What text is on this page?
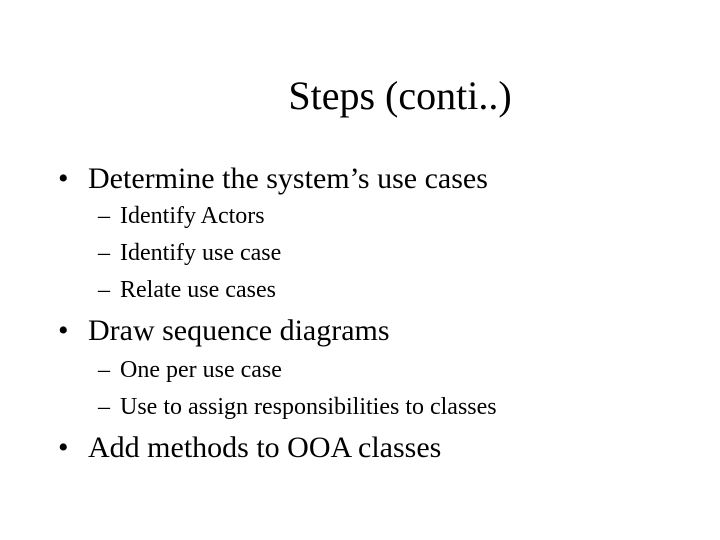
Steps (conti..)
• Determine the system’s use cases
– Identify Actors
– Identify use case
– Relate use cases
• Draw sequence diagrams
– One per use case
– Use to assign responsibilities to classes
• Add methods to OOA classes
